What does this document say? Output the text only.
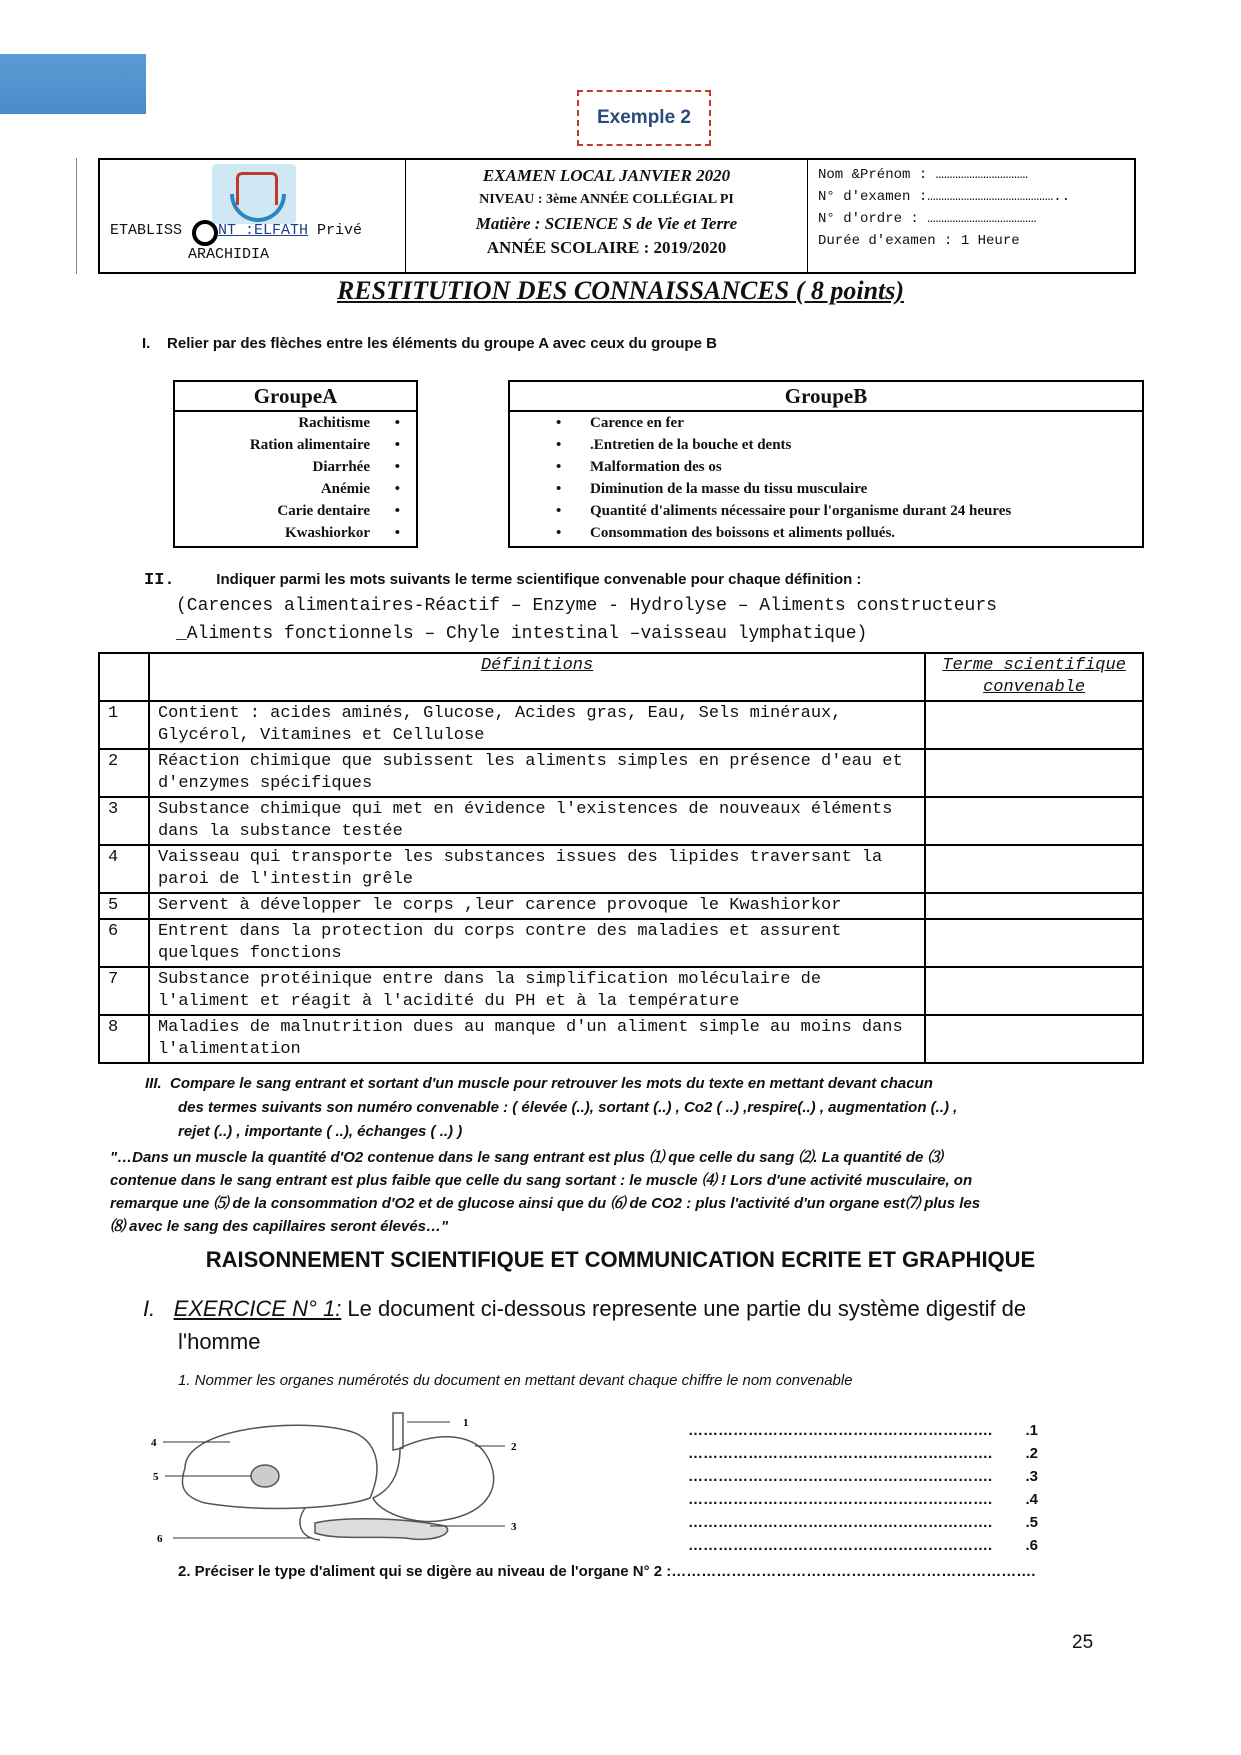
Exemple 2
ETABLISS NT :ELFATH Privé
ARACHIDIA
EXAMEN LOCAL JANVIER 2020
NIVEAU : 3ème ANNÉE COLLÉGIAL PI
Matière : SCIENCE S de Vie et Terre
ANNÉE SCOLAIRE : 2019/2020
Nom &Prénom : ……………………………
N° d'examen :………………………………………..
N° d'ordre : …………………………………
Durée d'examen : 1 Heure
RESTITUTION DES CONNAISSANCES ( 8 points)
I. Relier par des flèches entre les éléments du groupe A avec ceux du groupe B
GroupeA
Rachitisme •
Ration alimentaire •
Diarrhée •
Anémie •
Carie dentaire •
Kwashiorkor •
GroupeB
• Carence en fer
• .Entretien de la bouche et dents
• Malformation des os
• Diminution de la masse du tissu musculaire
• Quantité d'aliments nécessaire pour l'organisme durant 24 heures
• Consommation des boissons et aliments pollués.
II.	Indiquer parmi les mots suivants le terme scientifique convenable pour chaque définition :
(Carences alimentaires-Réactif – Enzyme - Hydrolyse – Aliments constructeurs
_Aliments fonctionnels – Chyle intestinal –vaisseau lymphatique)
	Définitions	Terme scientifique convenable
1	Contient : acides aminés, Glucose, Acides gras, Eau, Sels minéraux, Glycérol, Vitamines et Cellulose	
2	Réaction chimique que subissent les aliments simples en présence d'eau et d'enzymes spécifiques	
3	Substance chimique qui met en évidence l'existences de nouveaux éléments dans la substance testée	
4	Vaisseau qui transporte les substances issues des lipides traversant la paroi de l'intestin grêle	
5	Servent à développer le corps ,leur carence provoque le Kwashiorkor	
6	Entrent dans la protection du corps contre des maladies et assurent quelques fonctions	
7	Substance protéinique entre dans la simplification moléculaire de l'aliment et réagit à l'acidité du PH et à la température	
8	Maladies de malnutrition dues au manque d'un aliment simple au moins dans l'alimentation	
III. Compare le sang entrant et sortant d'un muscle pour retrouver les mots du texte en mettant devant chacun
des termes suivants son numéro convenable : ( élevée (..), sortant (..) , Co2 ( ..) ,respire(..) , augmentation (..) ,
rejet (..) , importante ( ..), échanges ( ..) )
"…Dans un muscle la quantité d'O2 contenue dans le sang entrant est plus ⑴ que celle du sang ⑵. La quantité de ⑶
contenue dans le sang entrant est plus faible que celle du sang sortant : le muscle ⑷ ! Lors d'une activité musculaire, on
remarque une ⑸ de la consommation d'O2 et de glucose ainsi que du ⑹ de CO2 : plus l'activité d'un organe est⑺ plus les
⑻ avec le sang des capillaires seront élevés…"
RAISONNEMENT SCIENTIFIQUE ET COMMUNICATION ECRITE ET GRAPHIQUE
I. EXERCICE N° 1: Le document ci-dessous represente une partie du système digestif de
l'homme
1. Nommer les organes numérotés du document en mettant devant chaque chiffre le nom convenable
1
2
3
4
5
6
……………………………………………………. .1
……………………………………………………. .2
……………………………………………………. .3
……………………………………………………. .4
……………………………………………………. .5
……………………………………………………. .6
2. Préciser le type d'aliment qui se digère au niveau de l'organe N° 2 :……………………………………………………………….
25
